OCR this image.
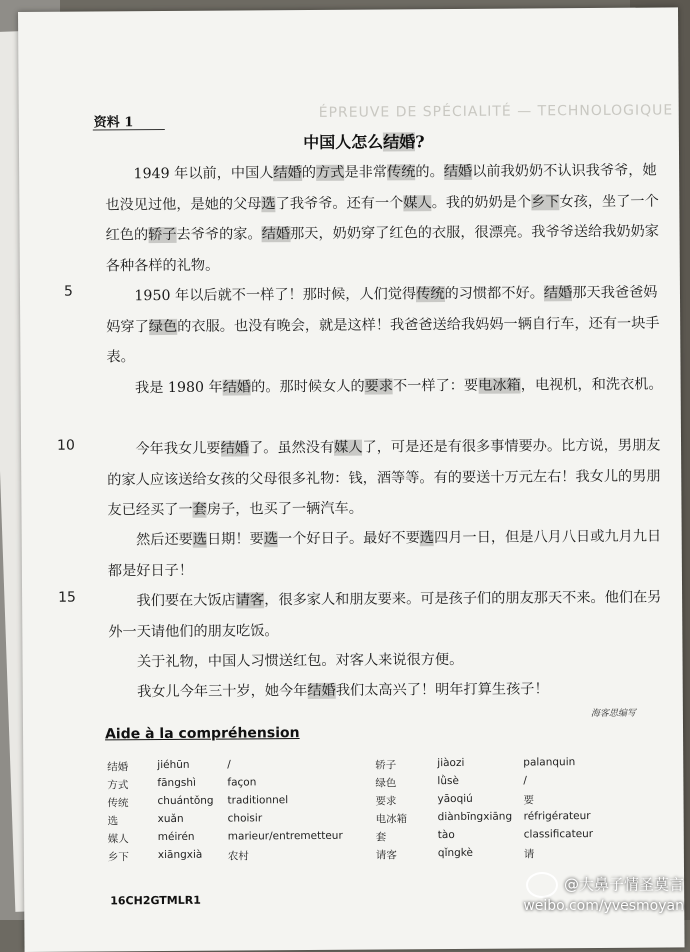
ÉPREUVE DE SPÉCIALITÉ — TECHNOLOGIQUE
资料 1
中国人怎么结婚?
1949 年以前，中国人结婚的方式是非常传统的。结婚以前我奶奶不认识我爷爷，她也没见过他，是她的父母选了我爷爷。还有一个媒人。我的奶奶是个乡下女孩，坐了一个红色的轿子去爷爷的家。结婚那天，奶奶穿了红色的衣服，很漂亮。我爷爷送给我奶奶家各种各样的礼物。
5	1950 年以后就不一样了！那时候，人们觉得传统的习惯都不好。结婚那天我爸爸妈妈穿了绿色的衣服。也没有晚会，就是这样！我爸爸送给我妈妈一辆自行车，还有一块手表。
我是 1980 年结婚的。那时候女人的要求不一样了：要电冰箱，电视机，和洗衣机。
10	今年我女儿要结婚了。虽然没有媒人了，可是还是有很多事情要办。比方说，男朋友的家人应该送给女孩的父母很多礼物：钱，酒等等。有的要送十万元左右！我女儿的男朋友已经买了一套房子，也买了一辆汽车。
然后还要选日期！要选一个好日子。最好不要选四月一日，但是八月八日或九月九日都是好日子！
15	我们要在大饭店请客，很多家人和朋友要来。可是孩子们的朋友那天不来。他们在另外一天请他们的朋友吃饭。
关于礼物，中国人习惯送红包。对客人来说很方便。
我女儿今年三十岁，她今年结婚我们太高兴了！明年打算生孩子！
海客思编写
Aide à la compréhension
结婚	jiéhūn	/
方式	fāngshì	façon
传统	chuántǒng traditionnel
选	xuǎn	choisir
媒人	méirén	marieur/entremetteur
乡下	xiāngxià 农村
轿子	jiàozi	palanquin
绿色	lǜsè	/
要求	yāoqiú	要
电冰箱	diànbīngxiāng réfrigérateur
套	tào	classificateur
请客	qǐngkè	请
16CH2GTMLR1
@大鼻子情圣莫言
weibo.com/yvesmoyan
